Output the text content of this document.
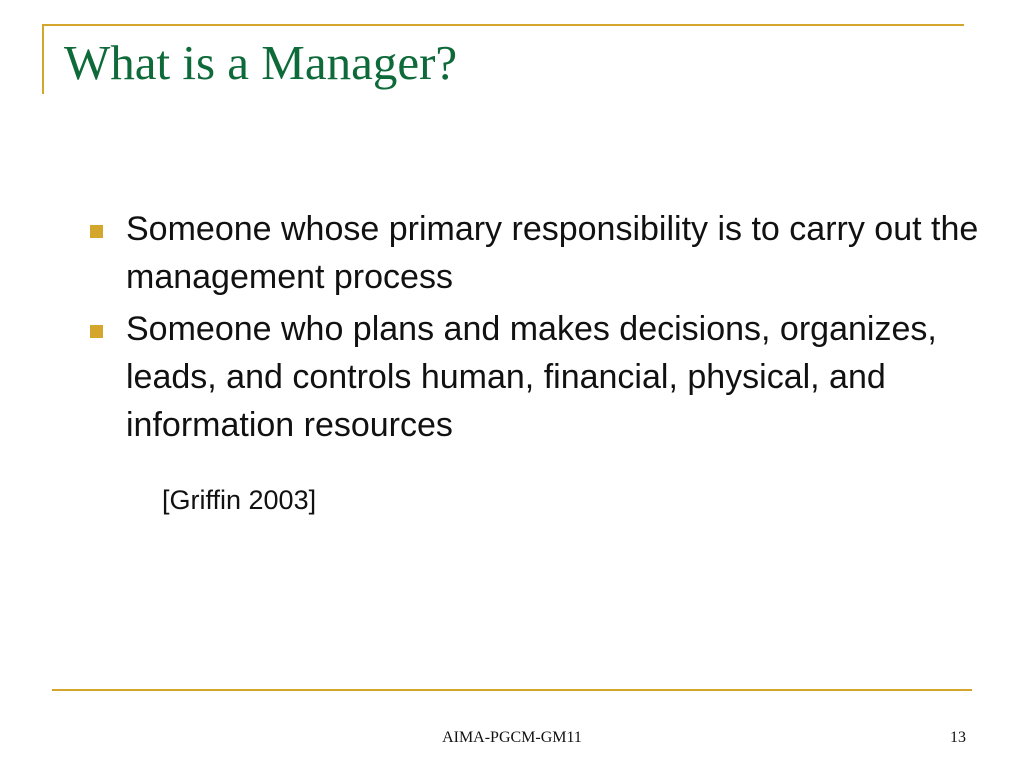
What is a Manager?
Someone whose primary responsibility is to carry out the management process
Someone who plans and makes decisions, organizes, leads, and controls human, financial, physical, and information resources

[Griffin 2003]

AIMA-PGCM-GM11	13
